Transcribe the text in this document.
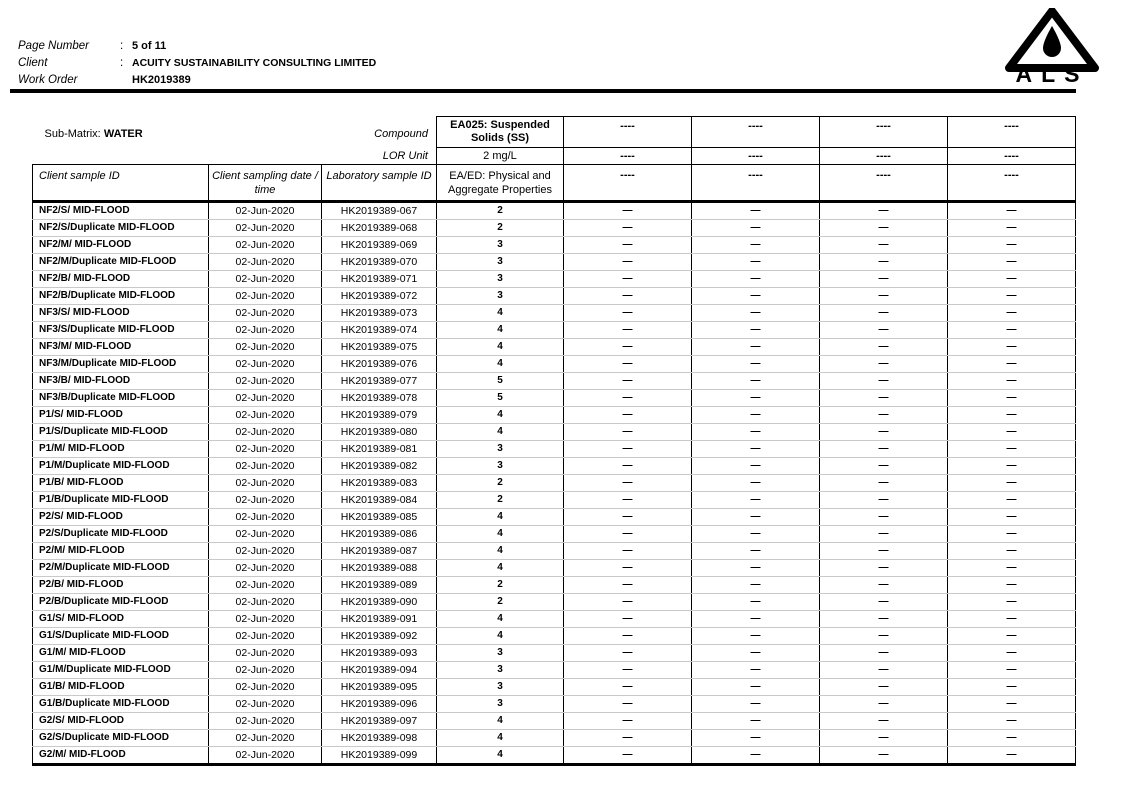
Page Number	: 5 of 11
Client	: ACUITY SUSTAINABILITY CONSULTING LIMITED
Work Order	HK2019389	ALS
Sub-Matrix: WATER Compound			EA025: Suspended Solids (SS)	----	----	----	----
LOR Unit			2 mg/L	----	----	----	----
Client sample ID	Client sampling date / time	Laboratory sample ID	EA/ED: Physical and Aggregate Properties	----	----	----	----
NF2/S/ MID-FLOOD	02-Jun-2020	HK2019389-067	2	—	—	—	—
NF2/S/Duplicate MID-FLOOD	02-Jun-2020	HK2019389-068	2	—	—	—	—
NF2/M/ MID-FLOOD	02-Jun-2020	HK2019389-069	3	—	—	—	—
NF2/M/Duplicate MID-FLOOD	02-Jun-2020	HK2019389-070	3	—	—	—	—
NF2/B/ MID-FLOOD	02-Jun-2020	HK2019389-071	3	—	—	—	—
NF2/B/Duplicate MID-FLOOD	02-Jun-2020	HK2019389-072	3	—	—	—	—
NF3/S/ MID-FLOOD	02-Jun-2020	HK2019389-073	4	—	—	—	—
NF3/S/Duplicate MID-FLOOD	02-Jun-2020	HK2019389-074	4	—	—	—	—
NF3/M/ MID-FLOOD	02-Jun-2020	HK2019389-075	4	—	—	—	—
NF3/M/Duplicate MID-FLOOD	02-Jun-2020	HK2019389-076	4	—	—	—	—
NF3/B/ MID-FLOOD	02-Jun-2020	HK2019389-077	5	—	—	—	—
NF3/B/Duplicate MID-FLOOD	02-Jun-2020	HK2019389-078	5	—	—	—	—
P1/S/ MID-FLOOD	02-Jun-2020	HK2019389-079	4	—	—	—	—
P1/S/Duplicate MID-FLOOD	02-Jun-2020	HK2019389-080	4	—	—	—	—
P1/M/ MID-FLOOD	02-Jun-2020	HK2019389-081	3	—	—	—	—
P1/M/Duplicate MID-FLOOD	02-Jun-2020	HK2019389-082	3	—	—	—	—
P1/B/ MID-FLOOD	02-Jun-2020	HK2019389-083	2	—	—	—	—
P1/B/Duplicate MID-FLOOD	02-Jun-2020	HK2019389-084	2	—	—	—	—
P2/S/ MID-FLOOD	02-Jun-2020	HK2019389-085	4	—	—	—	—
P2/S/Duplicate MID-FLOOD	02-Jun-2020	HK2019389-086	4	—	—	—	—
P2/M/ MID-FLOOD	02-Jun-2020	HK2019389-087	4	—	—	—	—
P2/M/Duplicate MID-FLOOD	02-Jun-2020	HK2019389-088	4	—	—	—	—
P2/B/ MID-FLOOD	02-Jun-2020	HK2019389-089	2	—	—	—	—
P2/B/Duplicate MID-FLOOD	02-Jun-2020	HK2019389-090	2	—	—	—	—
G1/S/ MID-FLOOD	02-Jun-2020	HK2019389-091	4	—	—	—	—
G1/S/Duplicate MID-FLOOD	02-Jun-2020	HK2019389-092	4	—	—	—	—
G1/M/ MID-FLOOD	02-Jun-2020	HK2019389-093	3	—	—	—	—
G1/M/Duplicate MID-FLOOD	02-Jun-2020	HK2019389-094	3	—	—	—	—
G1/B/ MID-FLOOD	02-Jun-2020	HK2019389-095	3	—	—	—	—
G1/B/Duplicate MID-FLOOD	02-Jun-2020	HK2019389-096	3	—	—	—	—
G2/S/ MID-FLOOD	02-Jun-2020	HK2019389-097	4	—	—	—	—
G2/S/Duplicate MID-FLOOD	02-Jun-2020	HK2019389-098	4	—	—	—	—
G2/M/ MID-FLOOD	02-Jun-2020	HK2019389-099	4	—	—	—	—
